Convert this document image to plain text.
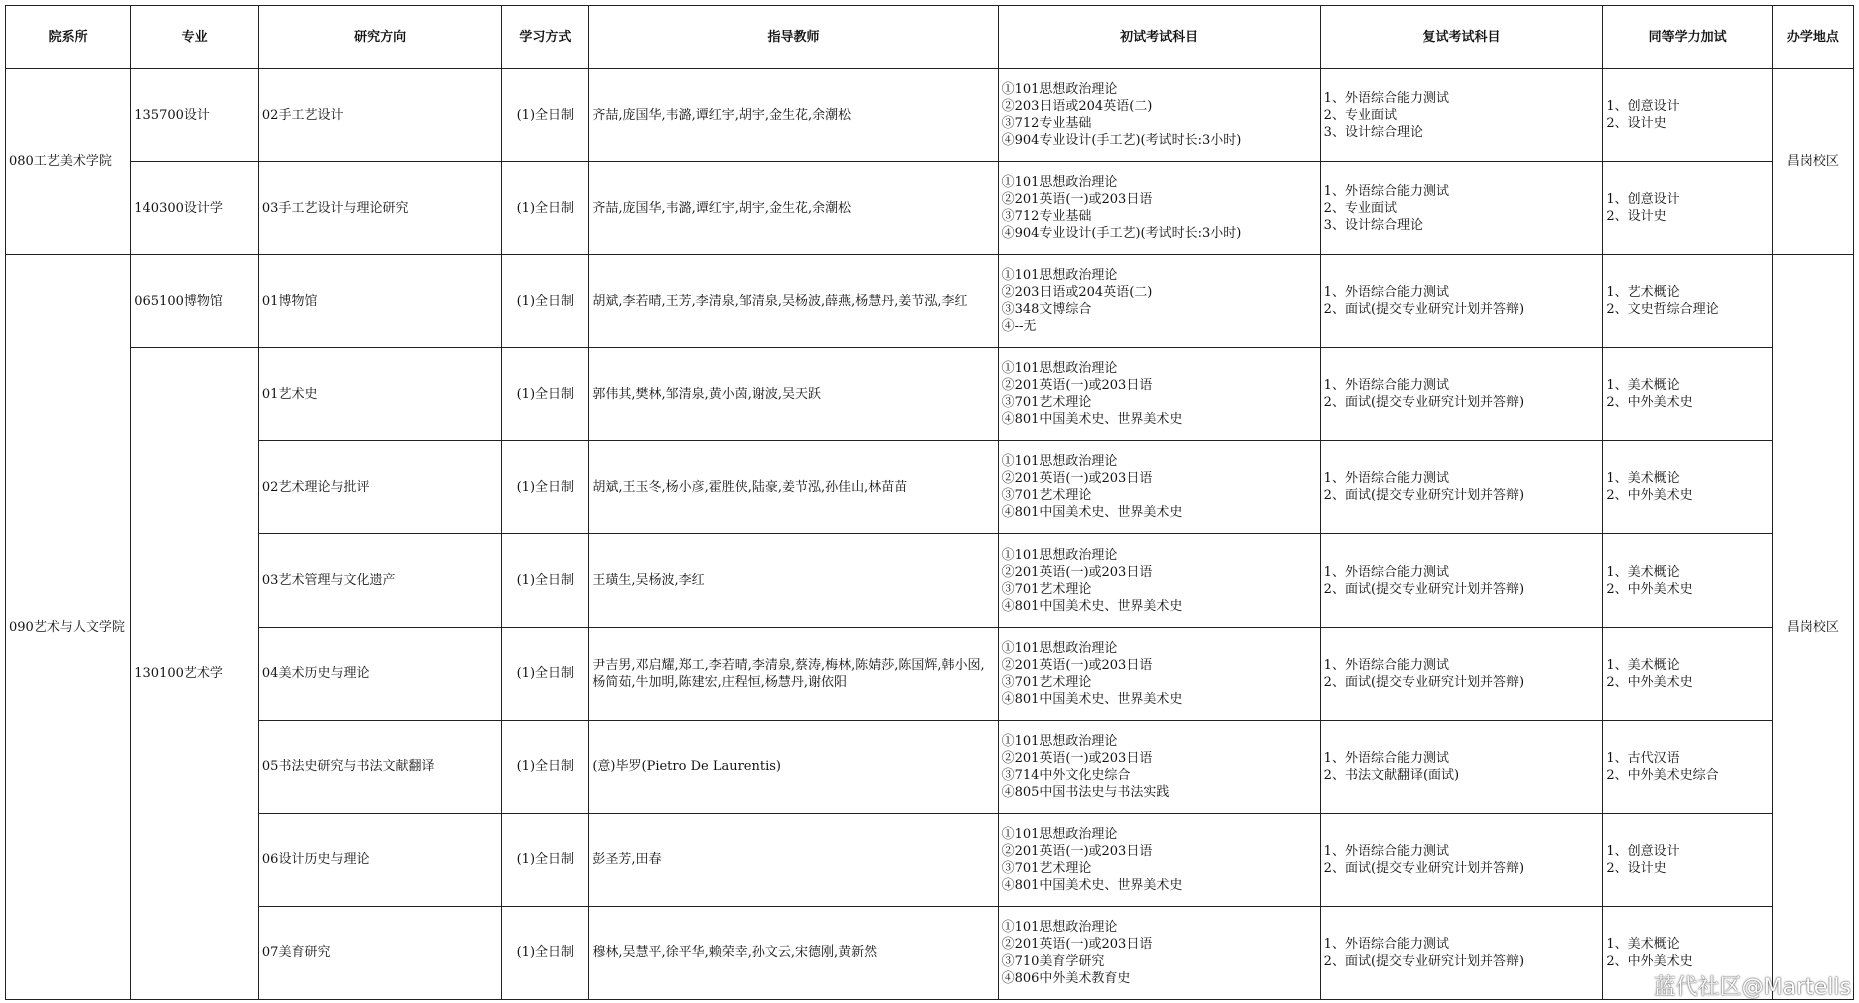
院系所	专业	研究方向	学习方式	指导教师	初试考试科目	复试考试科目	同等学力加试	办学地点
080工艺美术学院	135700设计	02手工艺设计	(1)全日制	齐喆,庞国华,韦潞,谭红宇,胡宇,金生花,余潮松	①101思想政治理论
②203日语或204英语(二)
③712专业基础
④904专业设计(手工艺)(考试时长:3小时)	1、外语综合能力测试
2、专业面试
3、设计综合理论	1、创意设计
2、设计史	昌岗校区
	140300设计学	03手工艺设计与理论研究	(1)全日制	齐喆,庞国华,韦潞,谭红宇,胡宇,金生花,余潮松	①101思想政治理论
②201英语(一)或203日语
③712专业基础
④904专业设计(手工艺)(考试时长:3小时)	1、外语综合能力测试
2、专业面试
3、设计综合理论	1、创意设计
2、设计史	

090艺术与人文学院	065100博物馆	01博物馆	(1)全日制	胡斌,李若晴,王芳,李清泉,邹清泉,吴杨波,薛燕,杨慧丹,姜节泓,李红	①101思想政治理论
②203日语或204英语(二)
③348文博综合
④--无	1、外语综合能力测试
2、面试(提交专业研究计划并答辩)	1、艺术概论
2、文史哲综合理论	昌岗校区
	130100艺术学	01艺术史	(1)全日制	郭伟其,樊林,邹清泉,黄小茵,谢波,吴天跃	①101思想政治理论
②201英语(一)或203日语
③701艺术理论
④801中国美术史、世界美术史	1、外语综合能力测试
2、面试(提交专业研究计划并答辩)	1、美术概论
2、中外美术史	

		02艺术理论与批评	(1)全日制	胡斌,王玉冬,杨小彦,霍胜侠,陆豪,姜节泓,孙佳山,林苗苗	①101思想政治理论
②201英语(一)或203日语
③701艺术理论
④801中国美术史、世界美术史	1、外语综合能力测试
2、面试(提交专业研究计划并答辩)	1、美术概论
2、中外美术史	

		03艺术管理与文化遗产	(1)全日制	王璜生,吴杨波,李红	①101思想政治理论
②201英语(一)或203日语
③701艺术理论
④801中国美术史、世界美术史	1、外语综合能力测试
2、面试(提交专业研究计划并答辩)	1、美术概论
2、中外美术史	

		04美术历史与理论	(1)全日制	尹吉男,邓启耀,郑工,李若晴,李清泉,蔡涛,梅林,陈婧莎,陈国辉,韩小囡,杨简茹,牛加明,陈建宏,庄程恒,杨慧丹,谢依阳	①101思想政治理论
②201英语(一)或203日语
③701艺术理论
④801中国美术史、世界美术史	1、外语综合能力测试
2、面试(提交专业研究计划并答辩)	1、美术概论
2、中外美术史	

		05书法史研究与书法文献翻译	(1)全日制	(意)毕罗(Pietro De Laurentis)	①101思想政治理论
②201英语(一)或203日语
③714中外文化史综合
④805中国书法史与书法实践	1、外语综合能力测试
2、书法文献翻译(面试)	1、古代汉语
2、中外美术史综合	

		06设计历史与理论	(1)全日制	彭圣芳,田春	①101思想政治理论
②201英语(一)或203日语
③701艺术理论
④801中国美术史、世界美术史	1、外语综合能力测试
2、面试(提交专业研究计划并答辩)	1、创意设计
2、设计史	

		07美育研究	(1)全日制	穆林,吴慧平,徐平华,赖荣幸,孙文云,宋德刚,黄新然	①101思想政治理论
②201英语(一)或203日语
③710美育学研究
④806中外美术教育史	1、外语综合能力测试
2、面试(提交专业研究计划并答辩)	1、美术概论
2、中外美术史	
蓝代社区@Martells
